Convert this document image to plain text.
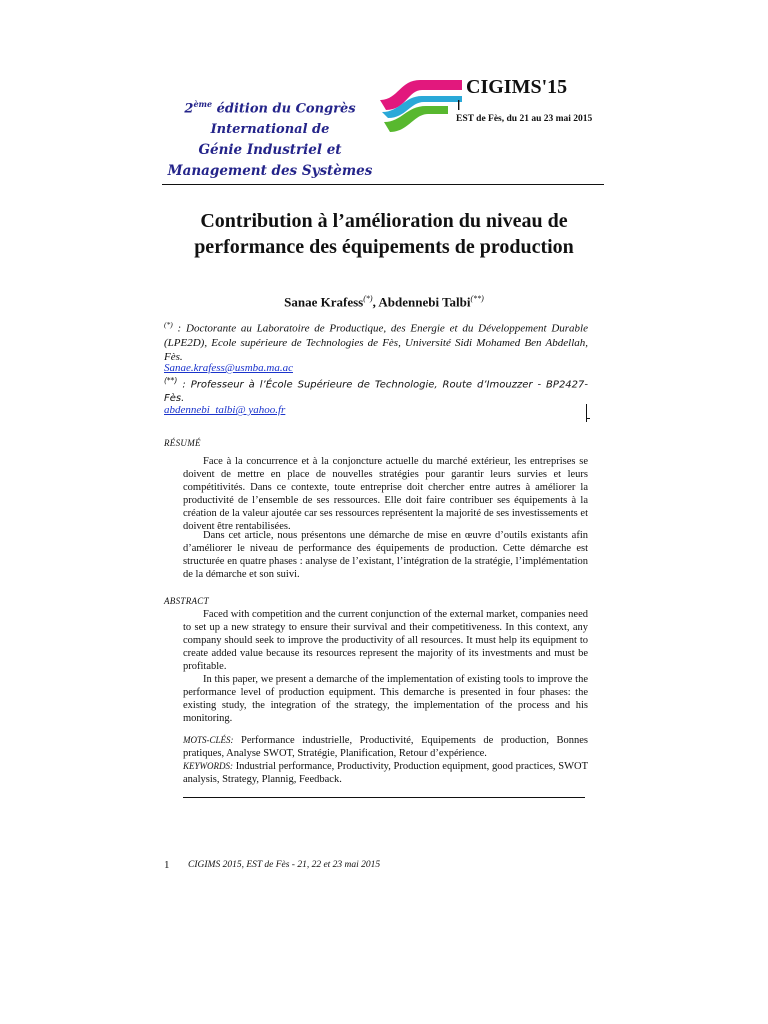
2ème édition du Congrès International de
Génie Industriel et Management des Systèmes
CIGIMS'15
EST de Fès, du 21 au 23 mai 2015
Contribution à l’amélioration du niveau de performance des équipements de production
Sanae Krafess(*), Abdennebi Talbi(**)
(*) : Doctorante au Laboratoire de Productique, des Energie et du Développement Durable (LPE2D), Ecole supérieure de Technologies de Fès, Université Sidi Mohamed Ben Abdellah, Fès.
Sanae.krafess@usmba.ma.ac
(**) : Professeur à l’École Supérieure de Technologie, Route d’Imouzzer - BP2427-Fès.
abdennebi_talbi@ yahoo.fr
RÉSUMÉ
Face à la concurrence et à la conjoncture actuelle du marché extérieur, les entreprises se doivent de mettre en place de nouvelles stratégies pour garantir leurs survies et leurs compétitivités. Dans ce contexte, toute entreprise doit chercher entre autres à améliorer la productivité de l’ensemble de ses ressources. Elle doit faire contribuer ses équipements à la création de la valeur ajoutée car ses ressources représentent la majorité de ses investissements et doivent être rentabilisées.
Dans cet article, nous présentons une démarche de mise en œuvre d’outils existants afin d’améliorer le niveau de performance des équipements de production. Cette démarche est structurée en quatre phases : analyse de l’existant, l’intégration de la stratégie, l’implémentation de la démarche et son suivi.
ABSTRACT
Faced with competition and the current conjunction of the external market, companies need to set up a new strategy to ensure their survival and their competitiveness. In this context, any company should seek to improve the productivity of all resources. It must help its equipment to create added value because its resources represent the majority of its investments and must be profitable.
In this paper, we present a demarche of the implementation of existing tools to improve the performance level of production equipment. This demarche is presented in four phases: the existing study, the integration of the strategy, the implementation of the process and his monitoring.
MOTS-CLÉS: Performance industrielle, Productivité, Equipements de production, Bonnes pratiques, Analyse SWOT, Stratégie, Planification, Retour d’expérience.
KEYWORDS: Industrial performance, Productivity, Production equipment, good practices, SWOT analysis, Strategy, Plannig, Feedback.
1 CIGIMS 2015, EST de Fès - 21, 22 et 23 mai 2015
